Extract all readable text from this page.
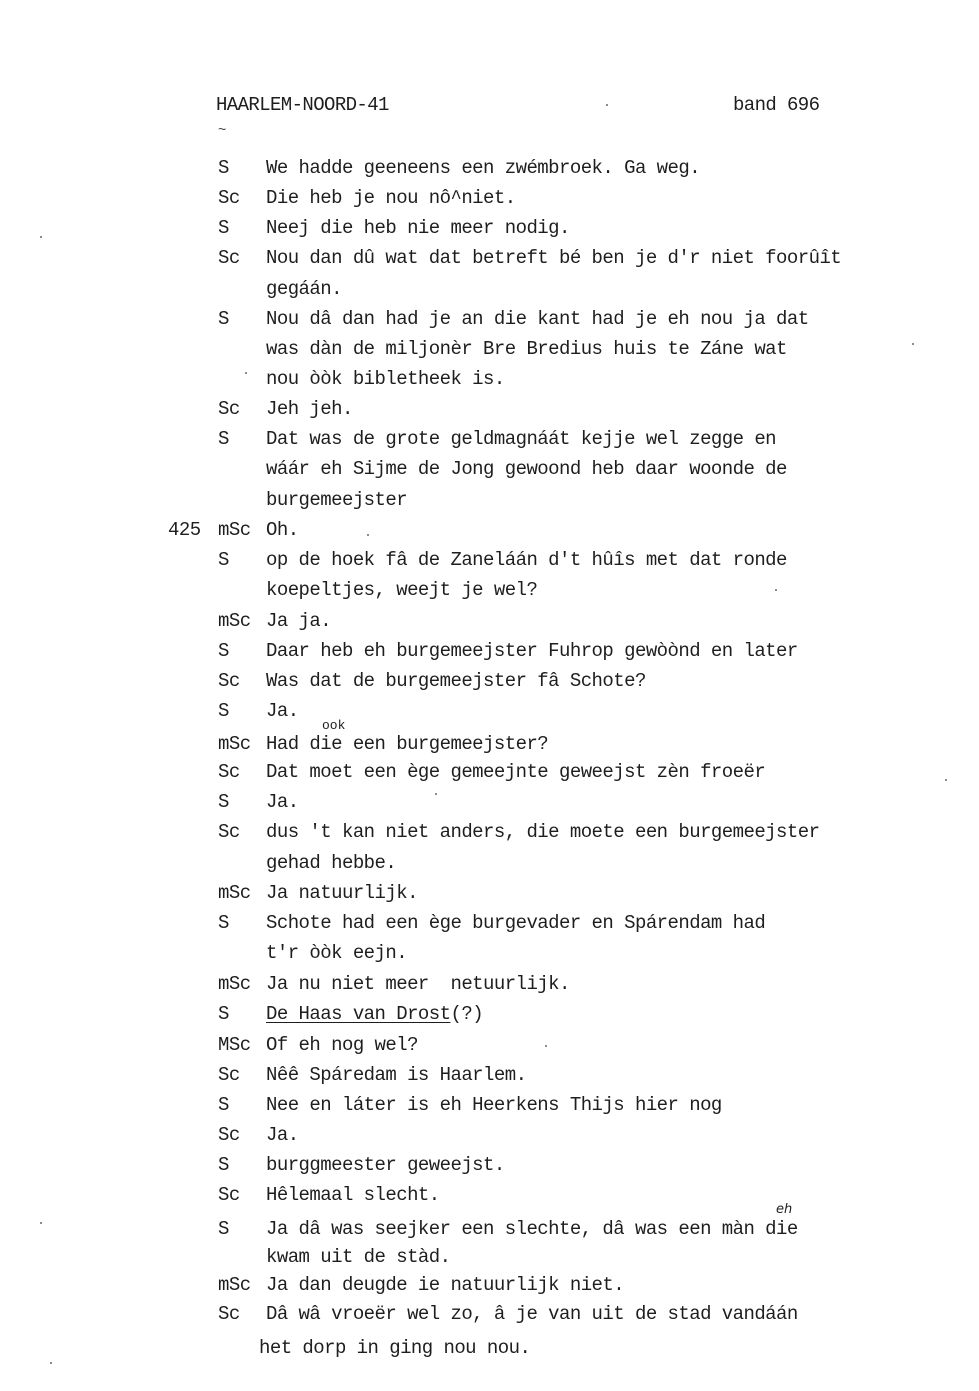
HAARLEM-NOORD-41	band 696
~
S We hadde geeneens een zwémbroek. Ga weg.
Sc Die heb je nou nô^niet.
S Neej die heb nie meer nodig.
Sc Nou dan dû wat dat betreft bé ben je d'r niet foorûît
gegáán.
S Nou dâ dan had je an die kant had je eh nou ja dat
was dàn de miljonèr Bre Bredius huis te Záne wat
nou òòk bibletheek is.
Sc Jeh jeh.
S Dat was de grote geldmagnáát kejje wel zegge en
wáár eh Sijme de Jong gewoond heb daar woonde de
burgemeejster
425 mSc Oh.
S op de hoek fâ de Zaneláán d't hûîs met dat ronde
koepeltjes, weejt je wel?
mSc Ja ja.
S Daar heb eh burgemeejster Fuhrop gewòònd en later
Sc Was dat de burgemeejster fâ Schote?
S Ja.
mSc Had die een burgemeejster?
Sc Dat moet een ège gemeejnte geweejst zèn froeër
S Ja.
Sc dus 't kan niet anders, die moete een burgemeejster
gehad hebbe.
mSc Ja natuurlijk.
S Schote had een ège burgevader en Spárendam had
t'r òòk eejn.
mSc Ja nu niet meer  netuurlijk.
S De Haas van Drost(?)
MSc Of eh nog wel?
Sc Nêê Spáredam is Haarlem.
S Nee en láter is eh Heerkens Thijs hier nog
Sc Ja.
S burggmeester geweejst.
Sc Hêlemaal slecht.
S Ja dâ was seejker een slechte, dâ was een màn die
kwam uit de stàd.
mSc Ja dan deugde ie natuurlijk niet.
Sc Dâ wâ vroeër wel zo, â je van uit de stad vandáán
het dorp in ging nou nou.
ook
eh
